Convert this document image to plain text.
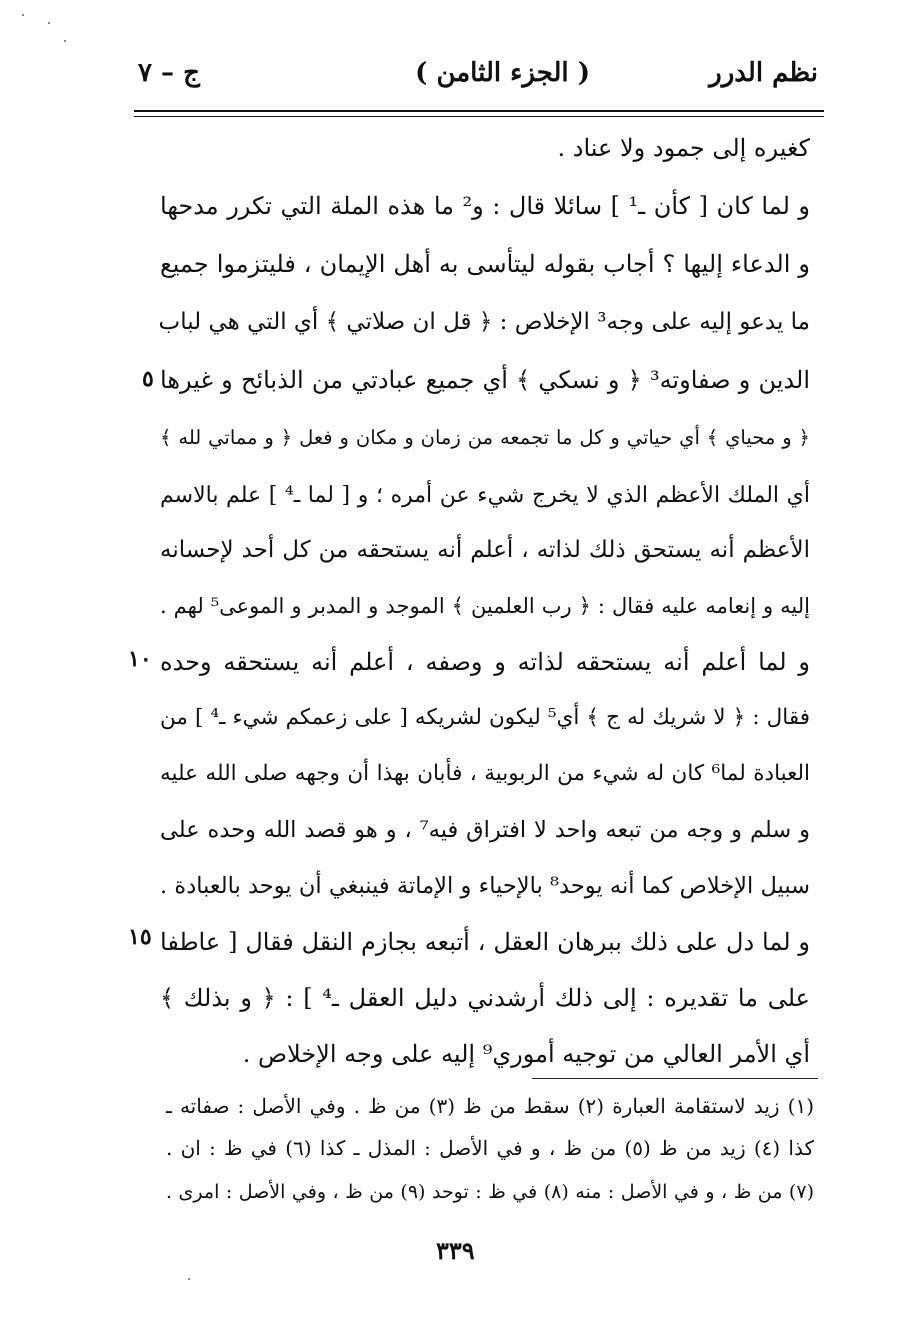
نظم الدرر
( الجزء الثامن )
ج – ٧
كغيره إلى جمود ولا عناد .
و لما كان [ كأن ـ¹ ] سائلا قال : و² ما هذه الملة التي تكرر مدحها
و الدعاء إليها ؟ أجاب بقوله ليتأسى به أهل الإيمان ، فليتزموا جميع
ما يدعو إليه على وجه³ الإخلاص : ﴿ قل ان صلاتي ﴾ أي التي هي لباب
الدين و صفاوته³ ﴿ و نسكي ﴾ أي جميع عبادتي من الذبائح و غيرها
﴿ و محياي ﴾ أي حياتي و كل ما تجمعه من زمان و مكان و فعل ﴿ و مماتي لله ﴾
أي الملك الأعظم الذي لا يخرج شيء عن أمره ؛ و [ لما ـ⁴ ] علم بالاسم
الأعظم أنه يستحق ذلك لذاته ، أعلم أنه يستحقه من كل أحد لإحسانه
إليه و إنعامه عليه فقال : ﴿ رب العلمين ﴾ الموجد و المدبر و الموعى⁵ لهم .
و لما أعلم أنه يستحقه لذاته و وصفه ، أعلم أنه يستحقه وحده
فقال : ﴿ لا شريك له ج ﴾ أي⁵ ليكون لشريكه [ على زعمكم شيء ـ⁴ ] من
العبادة لما⁶ كان له شيء من الربوبية ، فأبان بهذا أن وجهه صلى الله عليه
و سلم و وجه من تبعه واحد لا افتراق فيه⁷ ، و هو قصد الله وحده على
سبيل الإخلاص كما أنه يوحد⁸ بالإحياء و الإماتة فينبغي أن يوحد بالعبادة .
و لما دل على ذلك ببرهان العقل ، أتبعه بجازم النقل فقال [ عاطفا
على ما تقديره : إلى ذلك أرشدني دليل العقل ـ⁴ ] : ﴿ و بذلك ﴾
أي الأمر العالي من توجيه أموري⁹ إليه على وجه الإخلاص .
٥
١٠
١٥
(١) زيد لاستقامة العبارة (٢) سقط من ظ (٣) من ظ . وفي الأصل : صفاته ـ
كذا (٤) زيد من ظ (٥) من ظ ، و في الأصل : المذل ـ كذا (٦) في ظ : ان .
(٧) من ظ ، و في الأصل : منه (٨) في ظ : توحد (٩) من ظ ، وفي الأصل : امرى .
٣٣٩
